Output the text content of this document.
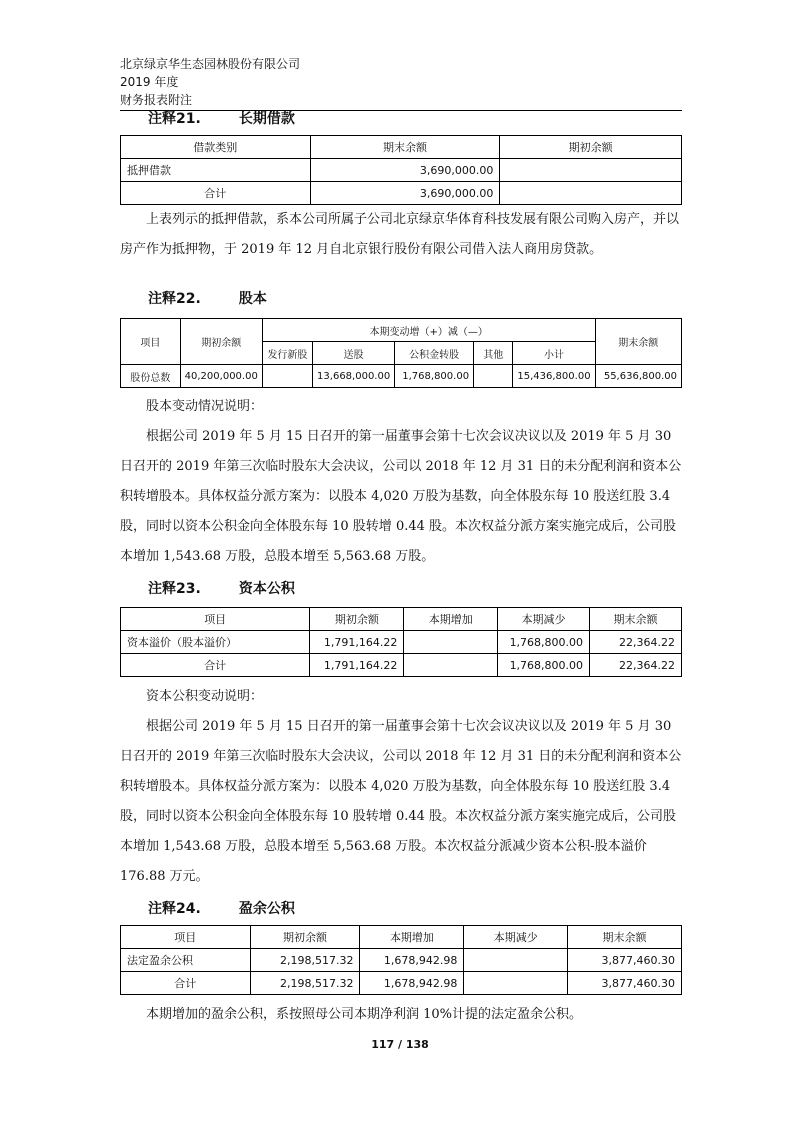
北京绿京华生态园林股份有限公司
2019 年度
财务报表附注
注释21.	长期借款
借款类别	期末余额	期初余额
抵押借款	3,690,000.00	
合计	3,690,000.00	

上表列示的抵押借款，系本公司所属子公司北京绿京华体育科技发展有限公司购入房产，并以房产作为抵押物，于 2019 年 12 月自北京银行股份有限公司借入法人商用房贷款。

注释22.	股本
项目	期初余额	本期变动增（+）减（—）					期末余额
		发行新股	送股	公积金转股	其他	小计	
股份总数	40,200,000.00		13,668,000.00	1,768,800.00		15,436,800.00	55,636,800.00

股本变动情况说明：

根据公司 2019 年 5 月 15 日召开的第一届董事会第十七次会议决议以及 2019 年 5 月 30 日召开的 2019 年第三次临时股东大会决议，公司以 2018 年 12 月 31 日的未分配利润和资本公积转增股本。具体权益分派方案为：以股本 4,020 万股为基数，向全体股东每 10 股送红股 3.4 股，同时以资本公积金向全体股东每 10 股转增 0.44 股。本次权益分派方案实施完成后，公司股本增加 1,543.68 万股，总股本增至 5,563.68 万股。

注释23.	资本公积
项目	期初余额	本期增加	本期减少	期末余额
资本溢价（股本溢价）	1,791,164.22		1,768,800.00	22,364.22
合计	1,791,164.22		1,768,800.00	22,364.22

资本公积变动说明：

根据公司 2019 年 5 月 15 日召开的第一届董事会第十七次会议决议以及 2019 年 5 月 30 日召开的 2019 年第三次临时股东大会决议，公司以 2018 年 12 月 31 日的未分配利润和资本公积转增股本。具体权益分派方案为：以股本 4,020 万股为基数，向全体股东每 10 股送红股 3.4 股，同时以资本公积金向全体股东每 10 股转增 0.44 股。本次权益分派方案实施完成后，公司股本增加 1,543.68 万股，总股本增至 5,563.68 万股。本次权益分派减少资本公积-股本溢价 176.88 万元。

注释24.	盈余公积
项目	期初余额	本期增加	本期减少	期末余额
法定盈余公积	2,198,517.32	1,678,942.98		3,877,460.30
合计	2,198,517.32	1,678,942.98		3,877,460.30

本期增加的盈余公积，系按照母公司本期净利润 10%计提的法定盈余公积。

117 / 138
